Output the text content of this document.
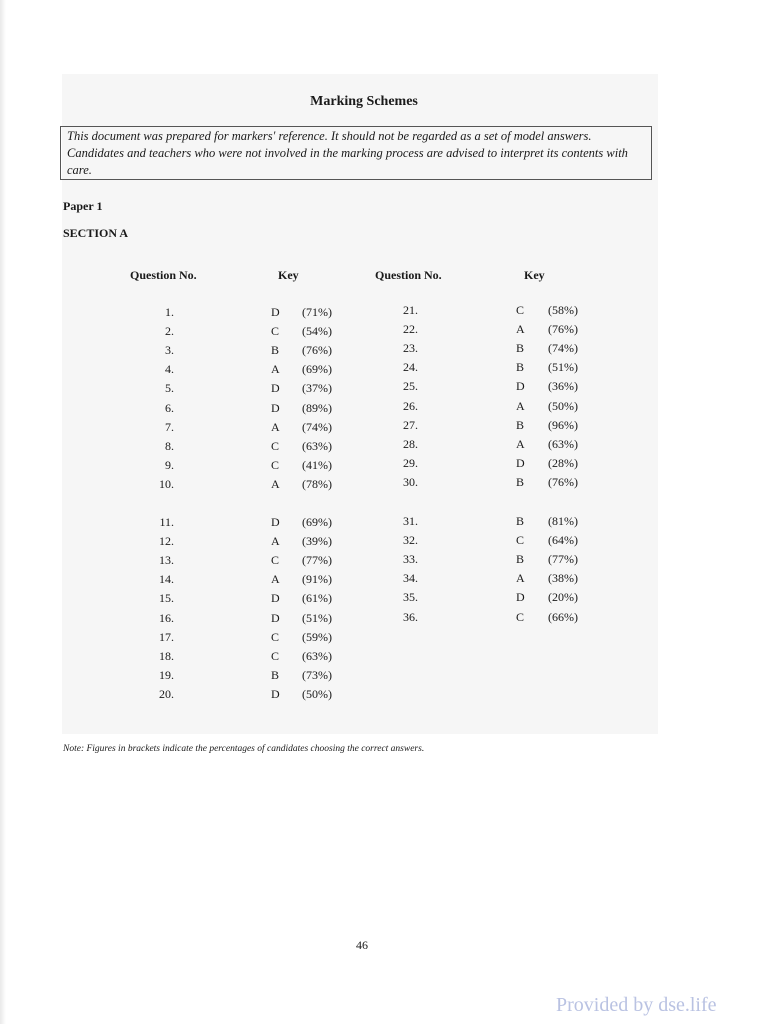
Marking Schemes
This document was prepared for markers' reference. It should not be regarded as a set of model answers. Candidates and teachers who were not involved in the marking process are advised to interpret its contents with care.
Paper 1
SECTION A
Question No.	Key	Question No.	Key
1.	D (71%)
2.	C (54%)
3.	B (76%)
4.	A (69%)
5.	D (37%)
6.	D (89%)
7.	A (74%)
8.	C (63%)
9.	C (41%)
10.	A (78%)
11.	D (69%)
12.	A (39%)
13.	C (77%)
14.	A (91%)
15.	D (61%)
16.	D (51%)
17.	C (59%)
18.	C (63%)
19.	B (73%)
20.	D (50%)
21.	C (58%)
22.	A (76%)
23.	B (74%)
24.	B (51%)
25.	D (36%)
26.	A (50%)
27.	B (96%)
28.	A (63%)
29.	D (28%)
30.	B (76%)
31.	B (81%)
32.	C (64%)
33.	B (77%)
34.	A (38%)
35.	D (20%)
36.	C (66%)
Note: Figures in brackets indicate the percentages of candidates choosing the correct answers.
46
Provided by dse.life
